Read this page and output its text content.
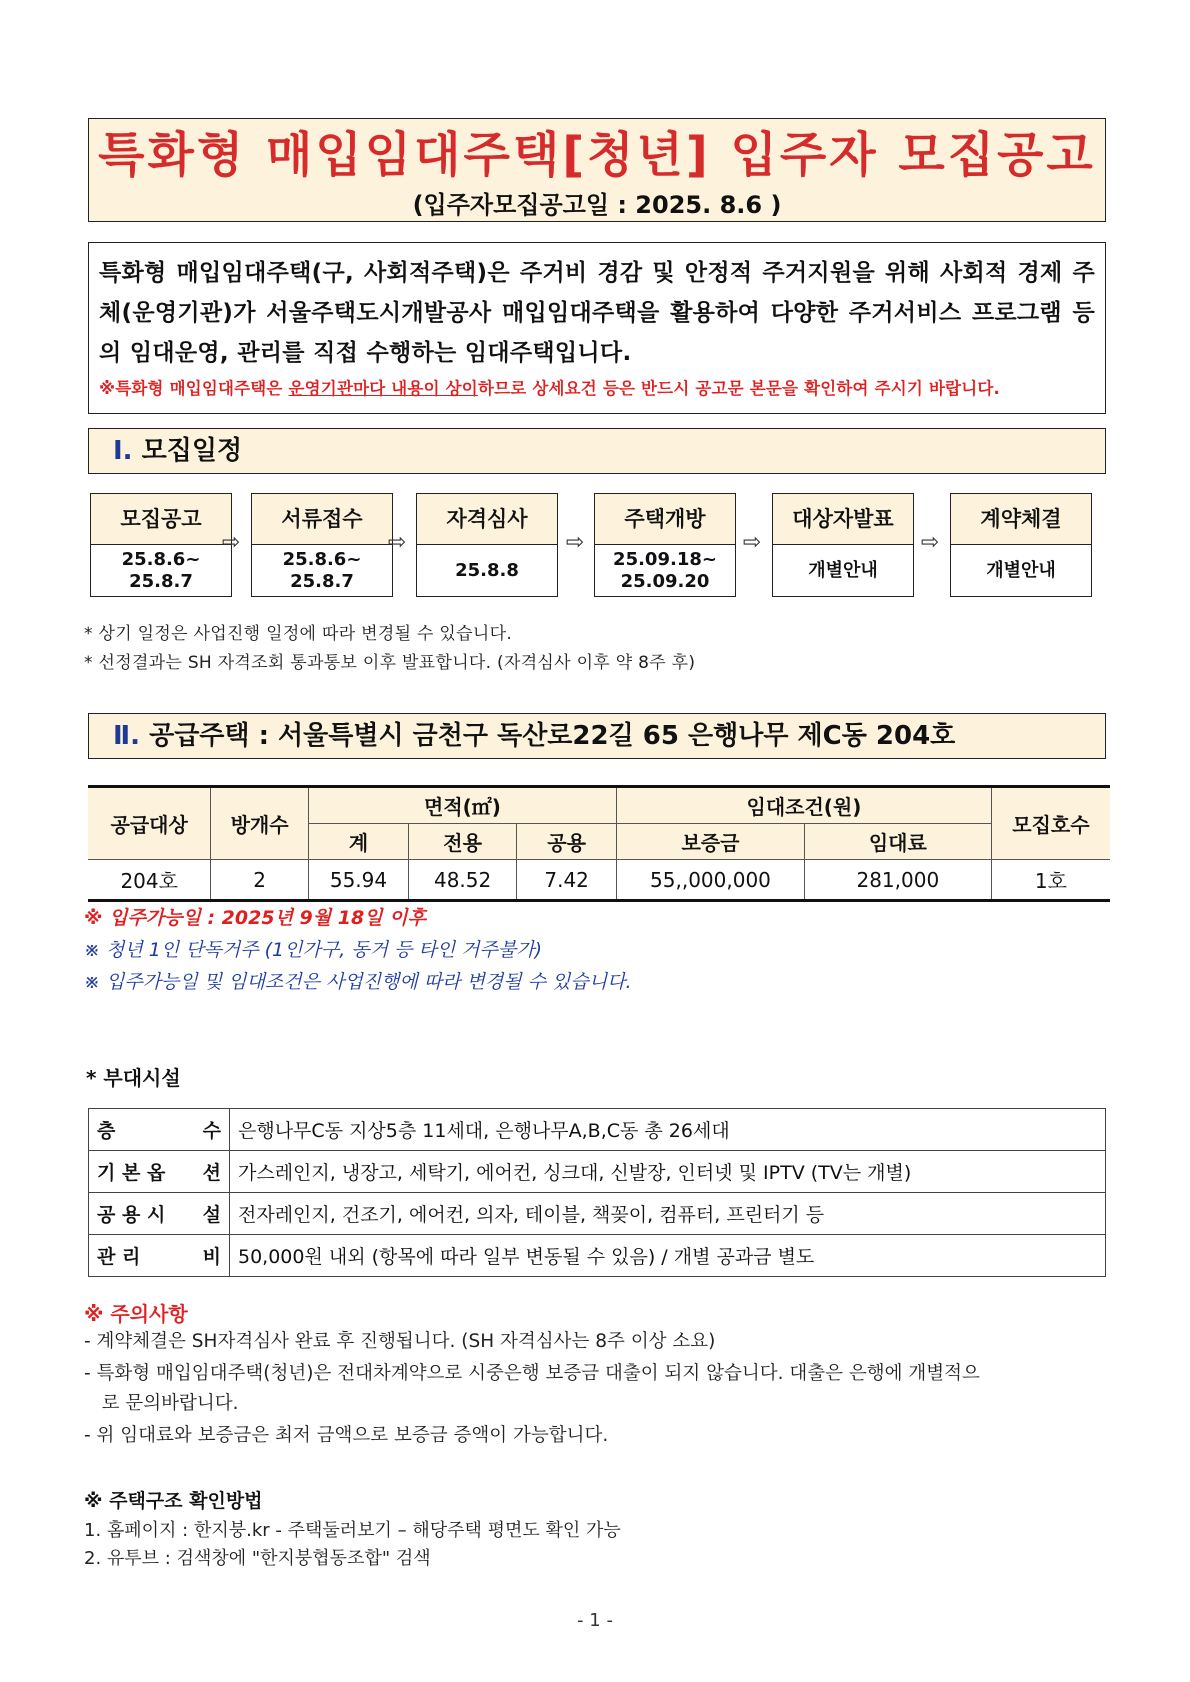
특화형 매입임대주택[청년] 입주자 모집공고
(입주자모집공고일 : 2025. 8.6 )
특화형 매입임대주택(구, 사회적주택)은 주거비 경감 및 안정적 주거지원을 위해 사회적 경제 주체(운영기관)가 서울주택도시개발공사 매입임대주택을 활용하여 다양한 주거서비스 프로그램 등의 임대운영, 관리를 직접 수행하는 임대주택입니다.
※특화형 매입임대주택은 운영기관마다 내용이 상이하므로 상세요건 등은 반드시 공고문 본문을 확인하여 주시기 바랍니다.
Ⅰ. 모집일정
모집공고
25.8.6~
25.8.7
⇨
서류접수
25.8.6~
25.8.7
⇨
자격심사
25.8.8
⇨
주택개방
25.09.18~
25.09.20
⇨
대상자발표
개별안내
⇨
계약체결
개별안내
* 상기 일정은 사업진행 일정에 따라 변경될 수 있습니다.
* 선정결과는 SH 자격조회 통과통보 이후 발표합니다. (자격심사 이후 약 8주 후)
Ⅱ. 공급주택 : 서울특별시 금천구 독산로22길 65 은행나무 제C동 204호
공급대상	방개수	면적(㎡)			임대조건(원)		모집호수
		계	전용	공용	보증금	임대료	
204호	2	55.94	48.52	7.42	55,,000,000	281,000	1호
※ 입주가능일 : 2025년 9월 18일 이후
※ 청년 1인 단독거주 (1인가구, 동거 등 타인 거주불가)
※ 입주가능일 및 임대조건은 사업진행에 따라 변경될 수 있습니다.
* 부대시설
층 수	은행나무C동 지상5층 11세대, 은행나무A,B,C동 총 26세대

기 본 옵 션	가스레인지, 냉장고, 세탁기, 에어컨, 싱크대, 신발장, 인터넷 및 IPTV (TV는 개별)

공 용 시 설	전자레인지, 건조기, 에어컨, 의자, 테이블, 책꽂이, 컴퓨터, 프린터기 등

관 리 비	50,000원 내외 (항목에 따라 일부 변동될 수 있음) / 개별 공과금 별도
※ 주의사항
- 계약체결은 SH자격심사 완료 후 진행됩니다. (SH 자격심사는 8주 이상 소요)
- 특화형 매입임대주택(청년)은 전대차계약으로 시중은행 보증금 대출이 되지 않습니다. 대출은 은행에 개별적으
로 문의바랍니다.
- 위 임대료와 보증금은 최저 금액으로 보증금 증액이 가능합니다.
※ 주택구조 확인방법
1. 홈페이지 : 한지붕.kr - 주택둘러보기 – 해당주택 평면도 확인 가능
2. 유투브 : 검색창에 "한지붕협동조합" 검색
- 1 -
